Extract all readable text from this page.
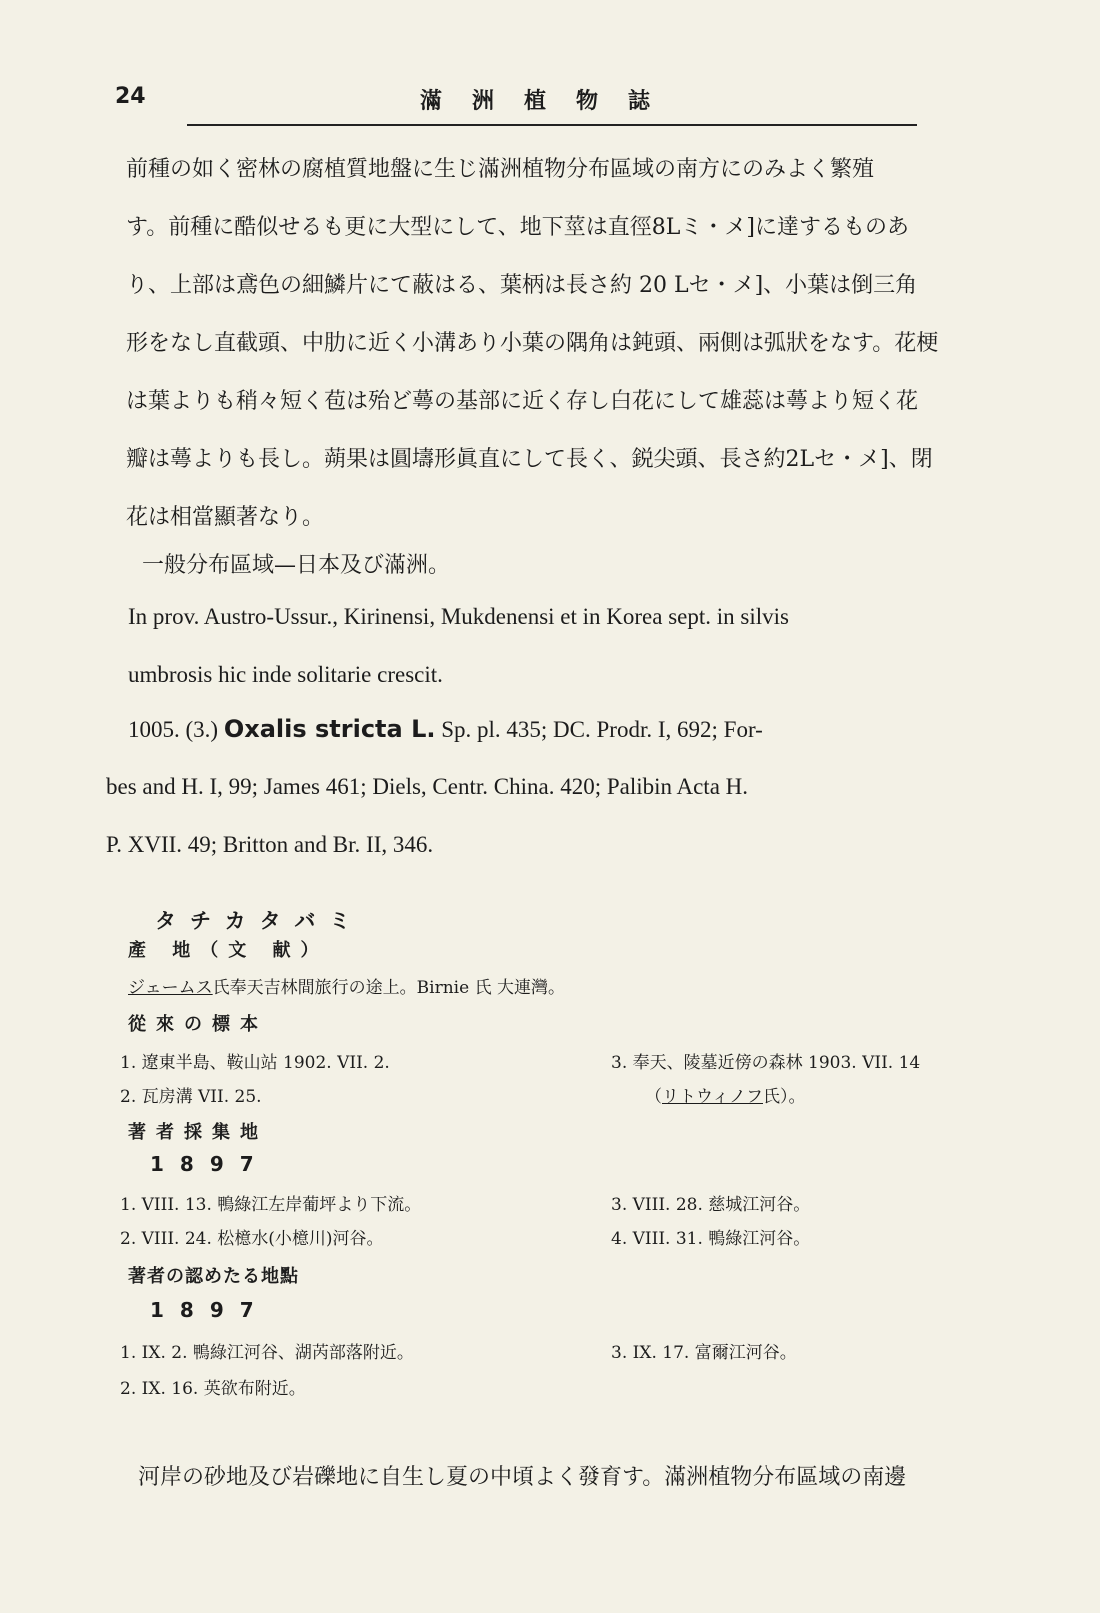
24	滿洲植物誌
前種の如く密林の腐植質地盤に生じ滿洲植物分布區域の南方にのみよく繁殖
す。前種に酷似せるも更に大型にして、地下莖は直徑8Lミ・メ]に達するものあ
り、上部は鳶色の細鱗片にて蔽はる、葉柄は長さ約 20 Lセ・メ]、小葉は倒三角
形をなし直截頭、中肋に近く小溝あり小葉の隅角は鈍頭、兩側は弧狀をなす。花梗
は葉よりも稍々短く苞は殆ど蕚の基部に近く存し白花にして雄蕊は蕚より短く花
瓣は蕚よりも長し。蒴果は圓壔形眞直にして長く、鋭尖頭、長さ約2Lセ・メ]、閉
花は相當顯著なり。
一般分布區域—日本及び滿洲。
In prov. Austro-Ussur., Kirinensi, Mukdenensi et in Korea sept. in silvis
umbrosis hic inde solitarie crescit.
1005. (3.) Oxalis stricta L. Sp. pl. 435; DC. Prodr. I, 692; For-
bes and H. I, 99; James 461; Diels, Centr. China. 420; Palibin Acta H.
P. XVII. 49; Britton and Br. II, 346.
タチカタバミ
產 地（文 献）
ジェームス氏奉天吉林間旅行の途上。Birnie 氏 大連灣。
從來の標本
1. 遼東半島、鞍山站 1902. VII. 2.
2. 瓦房溝 VII. 25.
3. 奉天、陵墓近傍の森林 1903. VII. 14
（リトウィノフ氏）。
著者採集地
1897
1. VIII. 13. 鴨綠江左岸葡坪より下流。
2. VIII. 24. 松檍水(小檍川)河谷。
3. VIII. 28. 慈城江河谷。
4. VIII. 31. 鴨綠江河谷。
著者の認めたる地點
1897
1. IX. 2. 鴨綠江河谷、湖芮部落附近。
2. IX. 16. 英欲布附近。
3. IX. 17. 富爾江河谷。
河岸の砂地及び岩礫地に自生し夏の中頃よく發育す。滿洲植物分布區域の南邊
